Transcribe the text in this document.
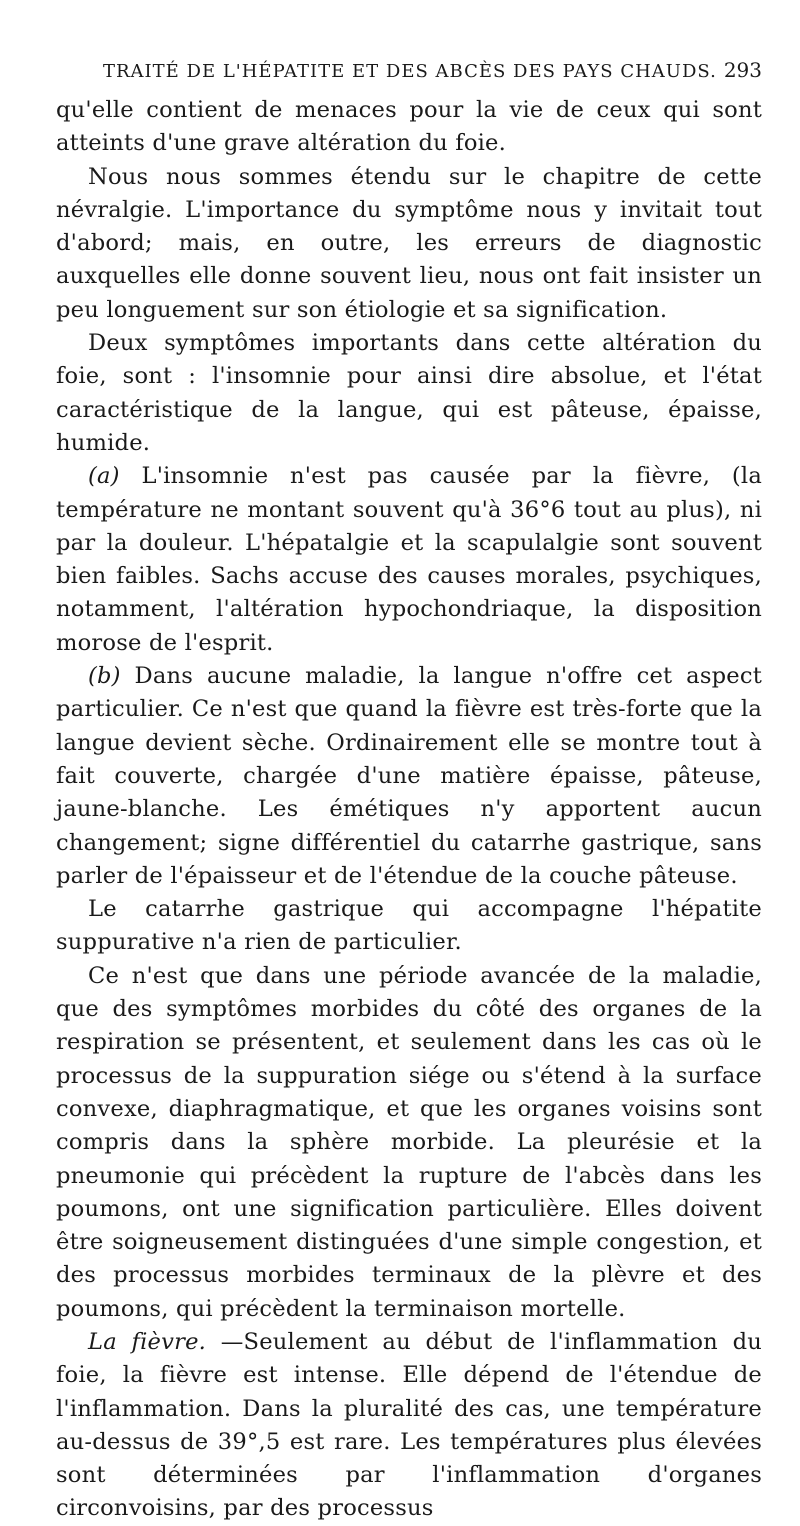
TRAITÉ DE L'HÉPATITE ET DES ABCÈS DES PAYS CHAUDS. 293

qu'elle contient de menaces pour la vie de ceux qui sont atteints d'une grave altération du foie.

Nous nous sommes étendu sur le chapitre de cette névralgie. L'importance du symptôme nous y invitait tout d'abord; mais, en outre, les erreurs de diagnostic auxquelles elle donne souvent lieu, nous ont fait insister un peu longuement sur son étiologie et sa signification.

Deux symptômes importants dans cette altération du foie, sont : l'insomnie pour ainsi dire absolue, et l'état caractéristique de la langue, qui est pâteuse, épaisse, humide.

(a) L'insomnie n'est pas causée par la fièvre, (la température ne montant souvent qu'à 36°6 tout au plus), ni par la douleur. L'hépatalgie et la scapulalgie sont souvent bien faibles. Sachs accuse des causes morales, psychiques, notamment, l'altération hypochondriaque, la disposition morose de l'esprit.

(b) Dans aucune maladie, la langue n'offre cet aspect particulier. Ce n'est que quand la fièvre est très-forte que la langue devient sèche. Ordinairement elle se montre tout à fait couverte, chargée d'une matière épaisse, pâteuse, jaune-blanche. Les émétiques n'y apportent aucun changement; signe différentiel du catarrhe gastrique, sans parler de l'épaisseur et de l'étendue de la couche pâteuse.

Le catarrhe gastrique qui accompagne l'hépatite suppurative n'a rien de particulier.

Ce n'est que dans une période avancée de la maladie, que des symptômes morbides du côté des organes de la respiration se présentent, et seulement dans les cas où le processus de la suppuration siége ou s'étend à la surface convexe, diaphragmatique, et que les organes voisins sont compris dans la sphère morbide. La pleurésie et la pneumonie qui précèdent la rupture de l'abcès dans les poumons, ont une signification particulière. Elles doivent être soigneusement distinguées d'une simple congestion, et des processus morbides terminaux de la plèvre et des poumons, qui précèdent la terminaison mortelle.

La fièvre. —Seulement au début de l'inflammation du foie, la fièvre est intense. Elle dépend de l'étendue de l'inflammation. Dans la pluralité des cas, une température au-dessus de 39°,5 est rare. Les températures plus élevées sont déterminées par l'inflammation d'organes circonvoisins, par des processus
